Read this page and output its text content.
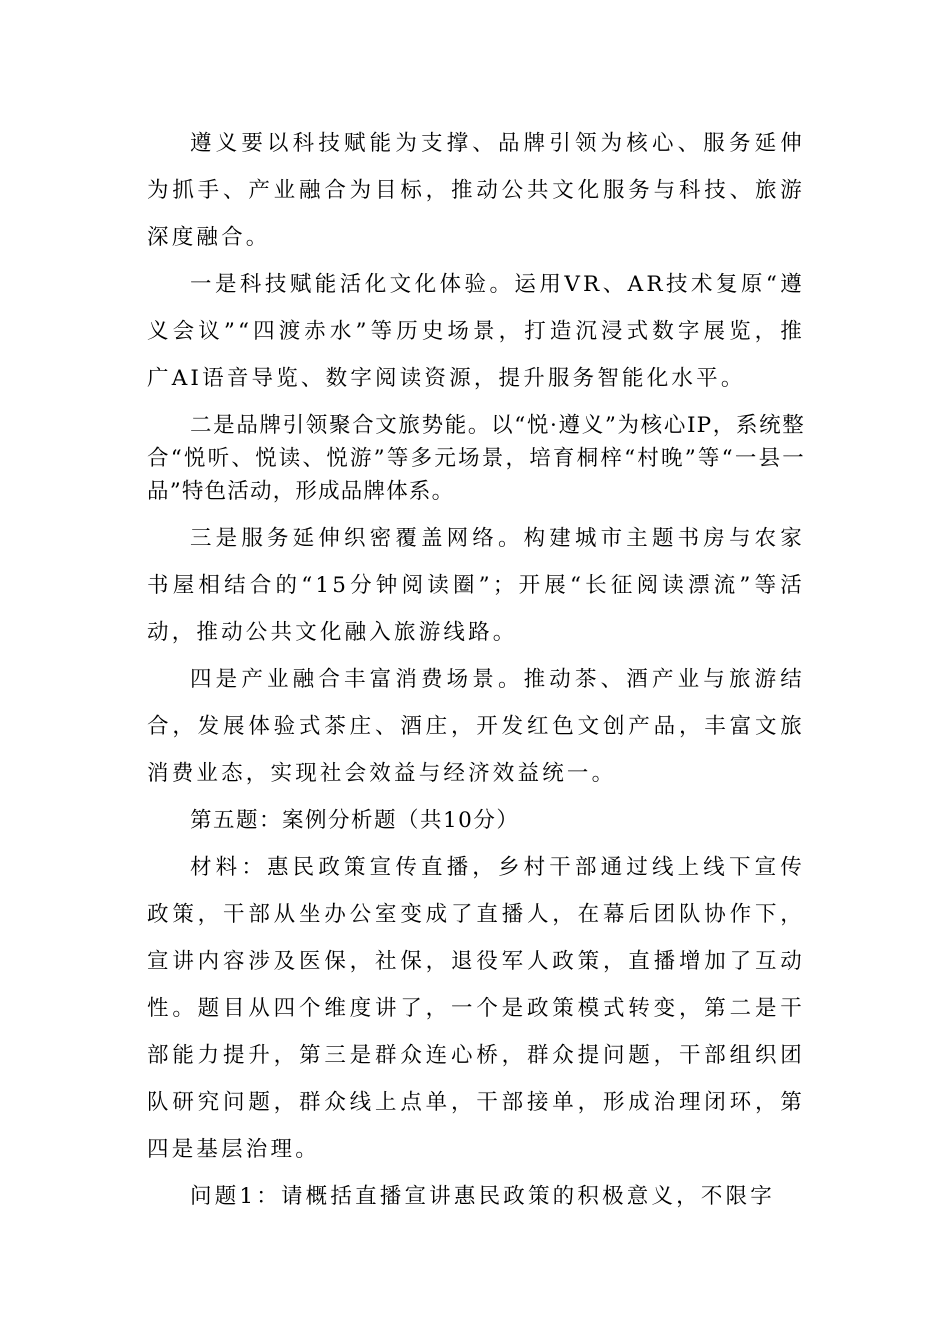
遵义要以科技赋能为支撑、品牌引领为核心、服务延伸为抓手、产业融合为目标，推动公共文化服务与科技、旅游深度融合。

一是科技赋能活化文化体验。运用VR、AR技术复原“遵义会议”“四渡赤水”等历史场景，打造沉浸式数字展览，推广AI语音导览、数字阅读资源，提升服务智能化水平。

二是品牌引领聚合文旅势能。以“悦·遵义”为核心IP，系统整合“悦听、悦读、悦游”等多元场景，培育桐梓“村晚”等“一县一品”特色活动，形成品牌体系。

三是服务延伸织密覆盖网络。构建城市主题书房与农家书屋相结合的“15分钟阅读圈”；开展“长征阅读漂流”等活动，推动公共文化融入旅游线路。

四是产业融合丰富消费场景。推动茶、酒产业与旅游结合，发展体验式茶庄、酒庄，开发红色文创产品，丰富文旅消费业态，实现社会效益与经济效益统一。

第五题：案例分析题（共10分）

材料：惠民政策宣传直播，乡村干部通过线上线下宣传政策，干部从坐办公室变成了直播人，在幕后团队协作下，宣讲内容涉及医保，社保，退役军人政策，直播增加了互动性。题目从四个维度讲了，一个是政策模式转变，第二是干部能力提升，第三是群众连心桥，群众提问题，干部组织团队研究问题，群众线上点单，干部接单，形成治理闭环，第四是基层治理。

问题1：请概括直播宣讲惠民政策的积极意义，不限字
